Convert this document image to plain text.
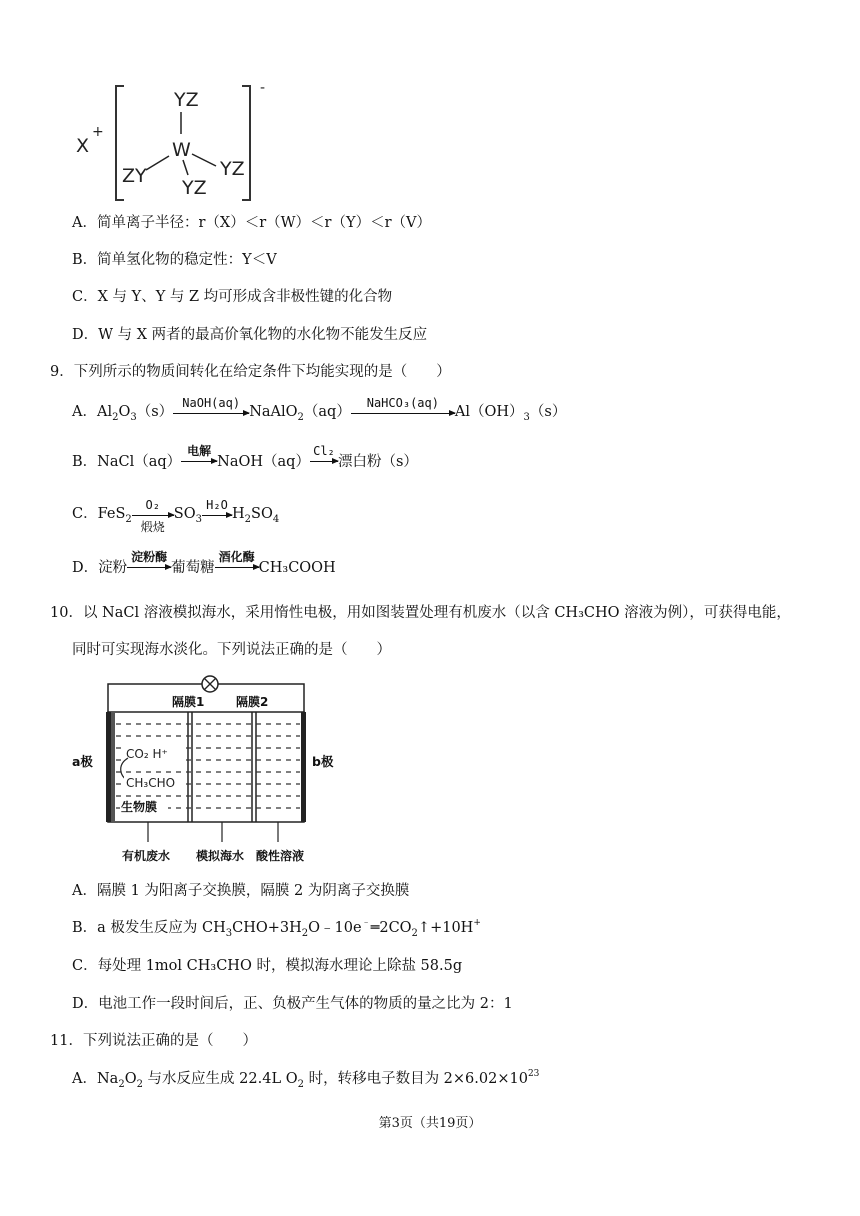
X
+
-
YZ
W
ZY	YZ
YZ
A．简单离子半径：r（X）＜r（W）＜r（Y）＜r（V）
B．简单氢化物的稳定性：Y＜V
C．X 与 Y、Y 与 Z 均可形成含非极性键的化合物
D．W 与 X 两者的最高价氧化物的水化物不能发生反应
9．下列所示的物质间转化在给定条件下均能实现的是（　　）
A．$Al_2O_3(s)$
NaOH(aq)
NaAlO$_2$（aq）
NaHCO₃(aq)
$Al(OH)_3(s)$
B．NaCl（aq）
电解
NaOH（aq）
Cl₂
漂白粉（s）
C．FeS$_2$
O₂
煅烧
$SO_3$
H₂O
$H_2SO_4$
D．淀粉
淀粉酶
葡萄糖
酒化酶
CH₃COOH
10．以 NaCl 溶液模拟海水，采用惰性电极，用如图装置处理有机废水（以含 CH₃CHO 溶液为例），可获得电能，
同时可实现海水淡化。下列说法正确的是（　　）
隔膜1	隔膜2
CO₂ H⁺
CH₃CHO
生物膜
有机废水 模拟海水 酸性溶液
a极	b极
A．隔膜 1 为阳离子交换膜，隔膜 2 为阴离子交换膜
B．a 极发生反应为 $CH_3CHO+3H_2O﹣10e^﹣═2CO_2↑+10H^+$
C．每处理 1mol CH₃CHO 时，模拟海水理论上除盐 58.5g
D．电池工作一段时间后，正、负极产生气体的物质的量之比为 2：1
11．下列说法正确的是（　　）
A．$Na_2O_2$ 与水反应生成 22.4L $O_2$ 时，转移电子数目为 $2\times 6.02\times 10^{23}$
第3页（共19页）
